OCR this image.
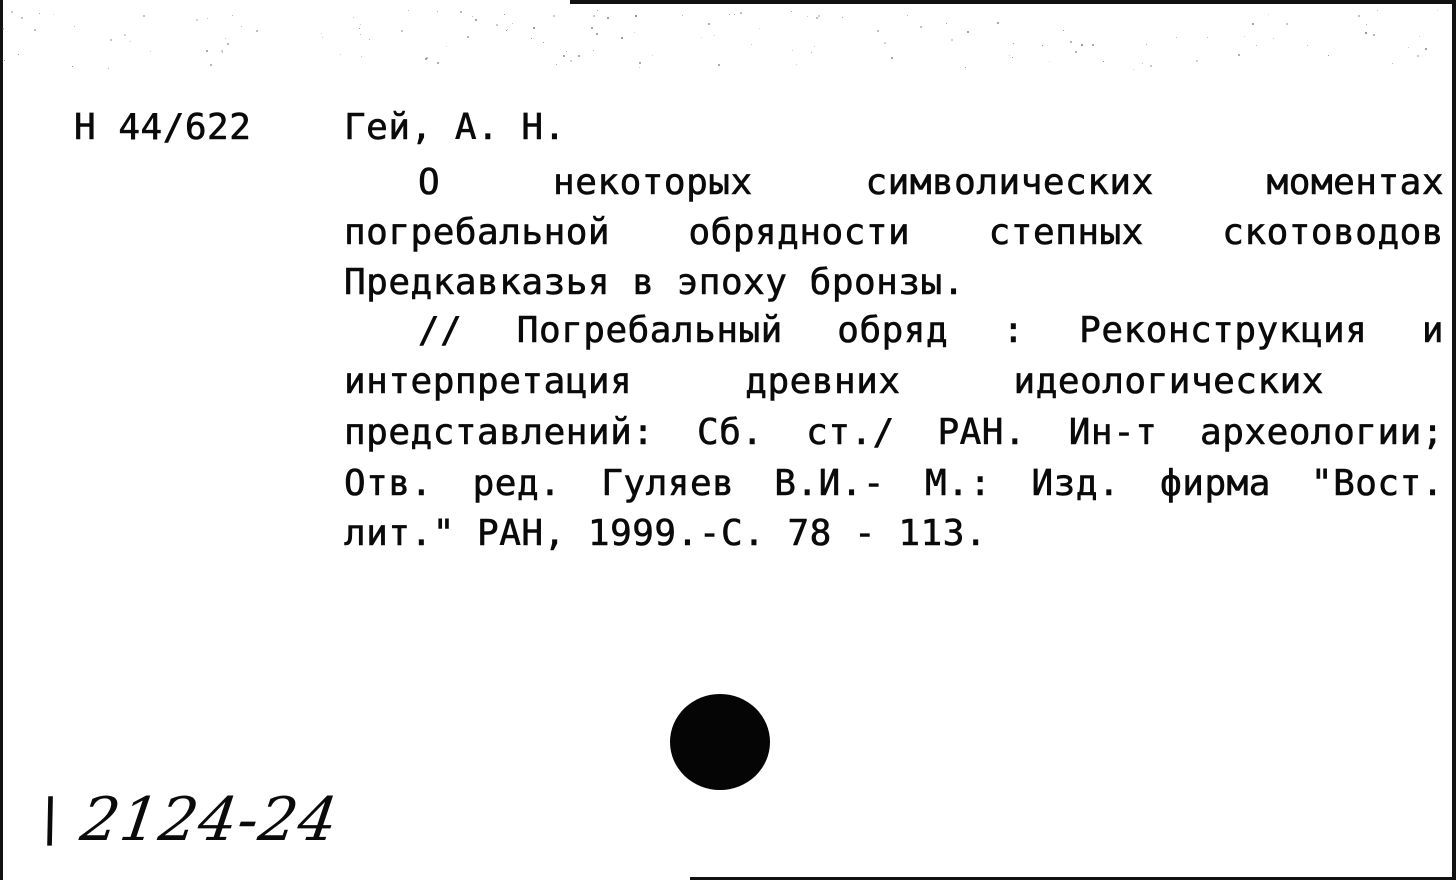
Н 44/622	Гей, А. Н.
О	некоторых	символических	моментах
погребальной обрядности степных скотоводов
Предкавказья в эпоху бронзы.
// Погребальный обряд : Реконструкция и
интерпретация	древних	идеологических
представлений: Сб. ст./ РАН. Ин-т археологии;
Отв. ред. Гуляев В.И.- М.: Изд. фирма "Вост.
лит." РАН, 1999.-С. 78 - 113.
\ 2124-24
